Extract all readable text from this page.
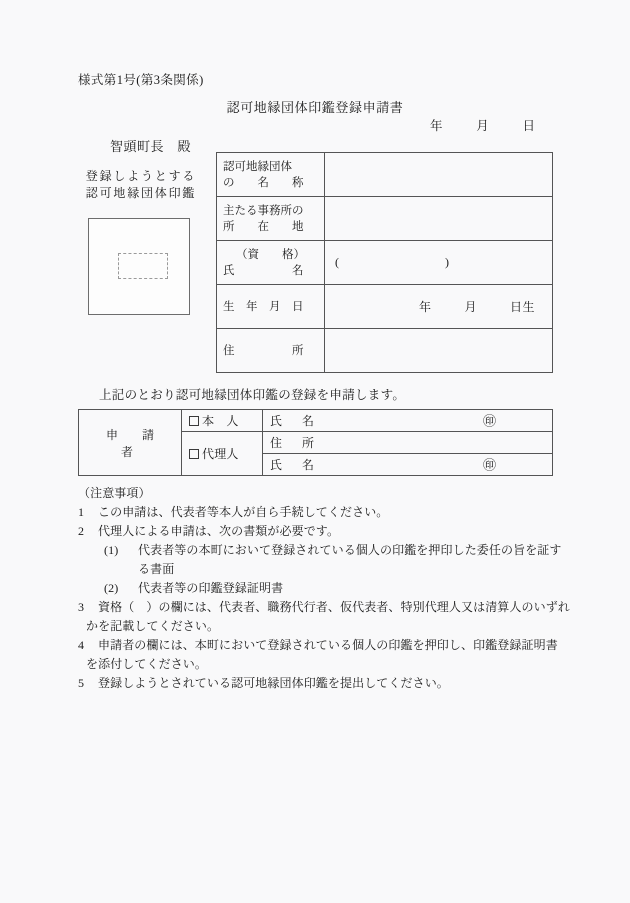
様式第1号(第3条関係)
認可地縁団体印鑑登録申請書
年	月	日
智頭町長　殿
登録しようとする
認可地縁団体印鑑
認可地縁団体
の　　名　　称	

主たる事務所の
所　　在　　地	

（資　　格）
氏　　　　　名	( )

生　年　月　日	年 月 日生

住　　　　　所	

上記のとおり認可地縁団体印鑑の登録を申請します。
申　請　者	本　人	氏　名 ㊞

	代理人	住　所
		氏　名 ㊞
（注意事項）
1	この申請は、代表者等本人が自ら手続してください。
2	代理人による申請は、次の書類が必要です。
(1)	代表者等の本町において登録されている個人の印鑑を押印した委任の旨を証す
る書面
(2)	代表者等の印鑑登録証明書
3	資格（　）の欄には、代表者、職務代行者、仮代表者、特別代理人又は清算人のいずれ
かを記載してください。
4	申請者の欄には、本町において登録されている個人の印鑑を押印し、印鑑登録証明書
を添付してください。
5	登録しようとされている認可地縁団体印鑑を提出してください。
